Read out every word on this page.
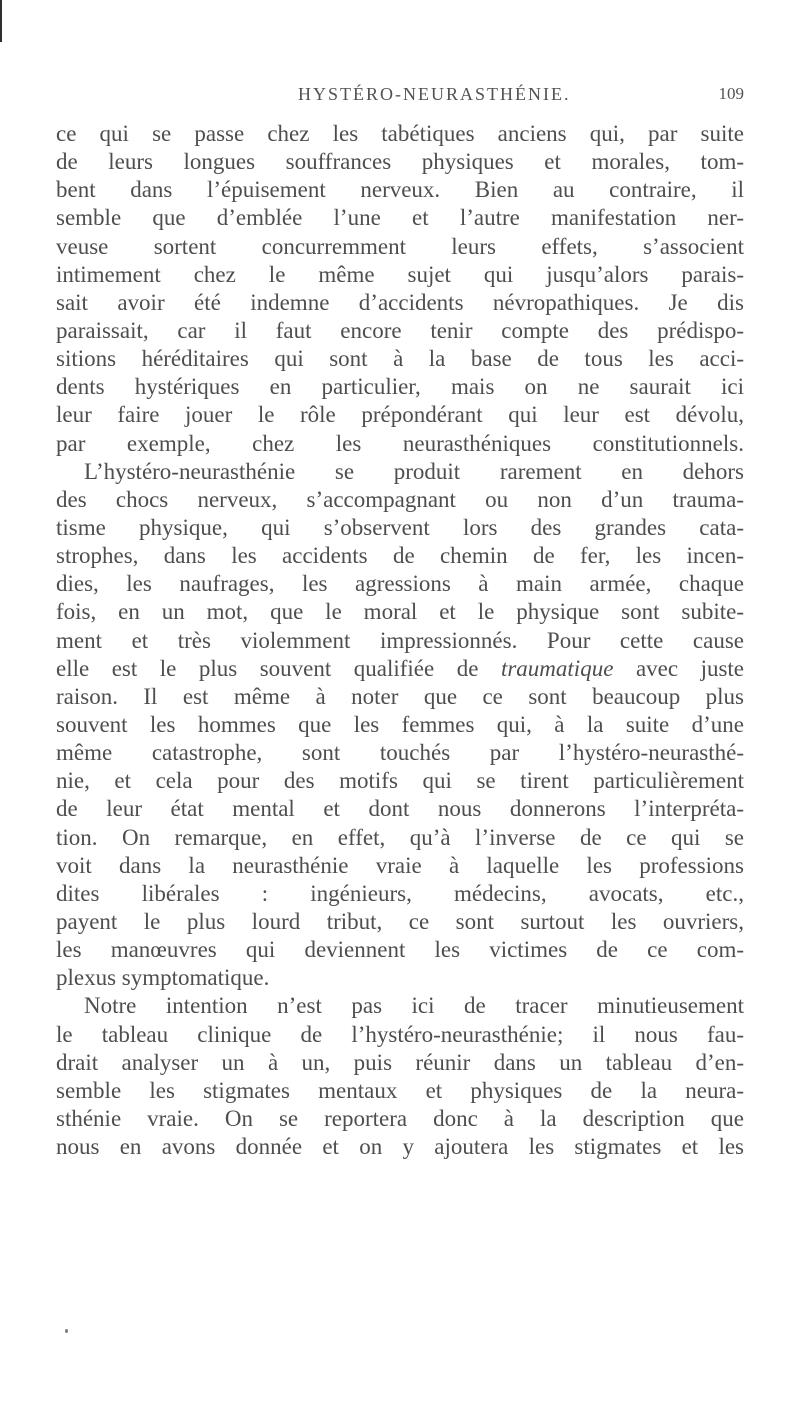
HYSTÉRO-NEURASTHÉNIE.	109
ce qui se passe chez les tabétiques anciens qui, par suite
de leurs longues souffrances physiques et morales, tom-
bent dans l’épuisement nerveux. Bien au contraire, il
semble que d’emblée l’une et l’autre manifestation ner-
veuse sortent concurremment leurs effets, s’associent
intimement chez le même sujet qui jusqu’alors parais-
sait avoir été indemne d’accidents névropathiques. Je dis
paraissait, car il faut encore tenir compte des prédispo-
sitions héréditaires qui sont à la base de tous les acci-
dents hystériques en particulier, mais on ne saurait ici
leur faire jouer le rôle prépondérant qui leur est dévolu,
par exemple, chez les neurasthéniques constitutionnels.
L’hystéro-neurasthénie se produit rarement en dehors
des chocs nerveux, s’accompagnant ou non d’un trauma-
tisme physique, qui s’observent lors des grandes cata-
strophes, dans les accidents de chemin de fer, les incen-
dies, les naufrages, les agressions à main armée, chaque
fois, en un mot, que le moral et le physique sont subite-
ment et très violemment impressionnés. Pour cette cause
elle est le plus souvent qualifiée de traumatique avec juste
raison. Il est même à noter que ce sont beaucoup plus
souvent les hommes que les femmes qui, à la suite d’une
même catastrophe, sont touchés par l’hystéro-neurasthé-
nie, et cela pour des motifs qui se tirent particulièrement
de leur état mental et dont nous donnerons l’interpréta-
tion. On remarque, en effet, qu’à l’inverse de ce qui se
voit dans la neurasthénie vraie à laquelle les professions
dites libérales : ingénieurs, médecins, avocats, etc.,
payent le plus lourd tribut, ce sont surtout les ouvriers,
les manœuvres qui deviennent les victimes de ce com-
plexus symptomatique.
Notre intention n’est pas ici de tracer minutieusement
le tableau clinique de l’hystéro-neurasthénie; il nous fau-
drait analyser un à un, puis réunir dans un tableau d’en-
semble les stigmates mentaux et physiques de la neura-
sthénie vraie. On se reportera donc à la description que
nous en avons donnée et on y ajoutera les stigmates et les
